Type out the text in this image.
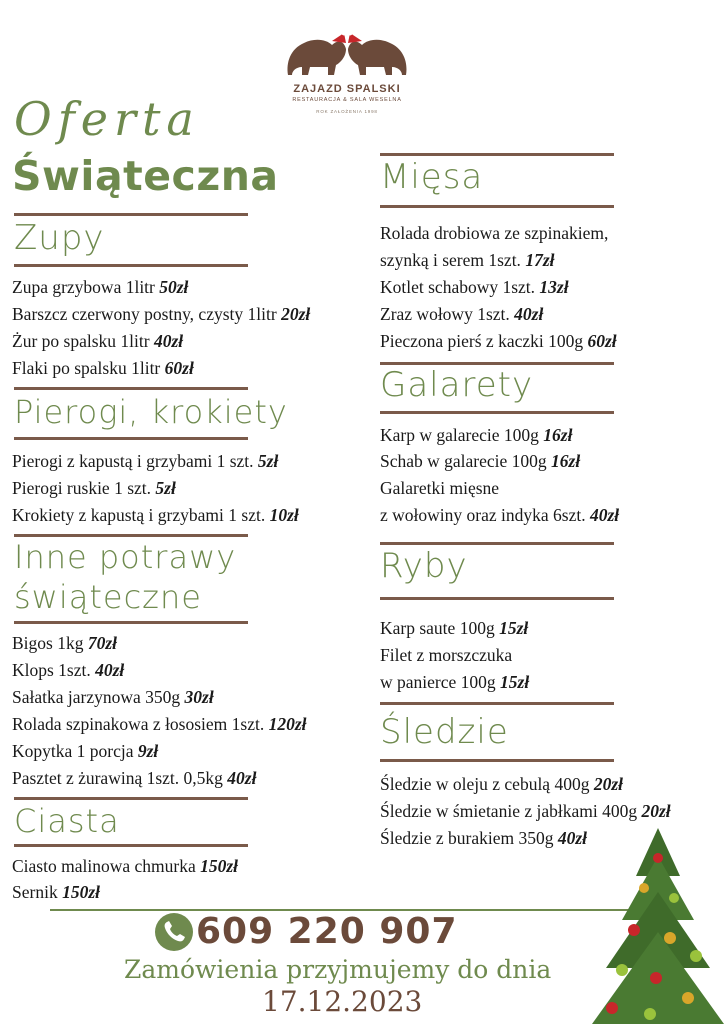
ZAJAZD SPALSKI
RESTAURACJA & SALA WESELNA
ROK ZAŁOŻENIA 1998
Oferta
Świąteczna
Zupy
Zupa grzybowa 1litr 50zł
Barszcz czerwony postny, czysty 1litr 20zł
Żur po spalsku 1litr 40zł
Flaki po spalsku 1litr 60zł
Pierogi, krokiety
Pierogi z kapustą i grzybami 1 szt. 5zł
Pierogi ruskie 1 szt. 5zł
Krokiety z kapustą i grzybami 1 szt. 10zł
Inne potrawy
świąteczne
Bigos 1kg 70zł
Klops 1szt. 40zł
Sałatka jarzynowa 350g 30zł
Rolada szpinakowa z łososiem 1szt. 120zł
Kopytka 1 porcja 9zł
Pasztet z żurawiną 1szt. 0,5kg 40zł
Ciasta
Ciasto malinowa chmurka 150zł
Sernik 150zł
Mięsa
Rolada drobiowa ze szpinakiem,
szynką i serem 1szt. 17zł
Kotlet schabowy 1szt. 13zł
Zraz wołowy 1szt. 40zł
Pieczona pierś z kaczki 100g 60zł
Galarety
Karp w galarecie 100g 16zł
Schab w galarecie 100g 16zł
Galaretki mięsne
z wołowiny oraz indyka 6szt. 40zł
Ryby
Karp saute 100g 15zł
Filet z morszczuka
w panierce 100g 15zł
Śledzie
Śledzie w oleju z cebulą 400g 20zł
Śledzie w śmietanie z jabłkami 400g 20zł
Śledzie z burakiem 350g 40zł
609 220 907
Zamówienia przyjmujemy do dnia
17.12.2023
